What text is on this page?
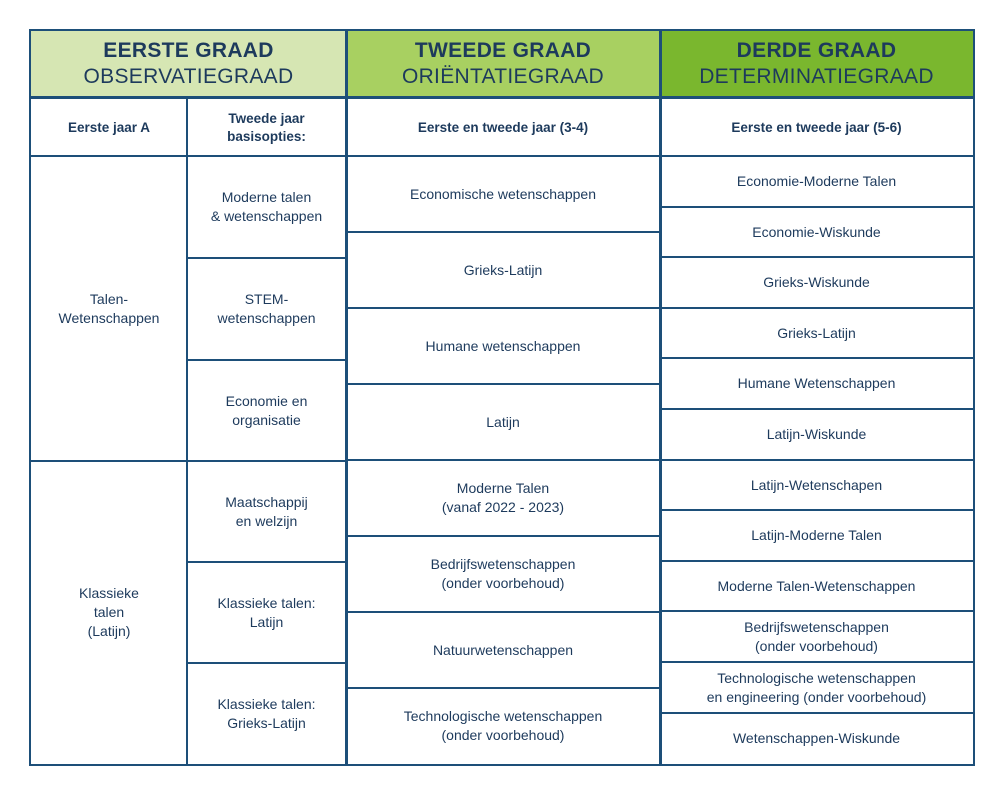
EERSTE GRAAD
OBSERVATIEGRAAD
TWEEDE GRAAD
ORIËNTATIEGRAAD
DERDE GRAAD
DETERMINATIEGRAAD
Eerste jaar A
Tweede jaar
basisopties:
Eerste en tweede jaar (3-4)	Eerste en tweede jaar (5-6)
Talen-
Wetenschappen
Klassieke
talen
(Latijn)
Moderne talen
& wetenschappen
STEM-
wetenschappen
Economie en
organisatie
Maatschappij
en welzijn
Klassieke talen:
Latijn
Klassieke talen:
Grieks-Latijn
Economische wetenschappen
Grieks-Latijn
Humane wetenschappen
Latijn
Moderne Talen
(vanaf 2022 - 2023)
Bedrijfswetenschappen
(onder voorbehoud)
Natuurwetenschappen
Technologische wetenschappen
(onder voorbehoud)
Economie-Moderne Talen
Economie-Wiskunde
Grieks-Wiskunde
Grieks-Latijn
Humane Wetenschappen
Latijn-Wiskunde
Latijn-Wetenschapen
Latijn-Moderne Talen
Moderne Talen-Wetenschappen
Bedrijfswetenschappen
(onder voorbehoud)
Technologische wetenschappen
en engineering (onder voorbehoud)
Wetenschappen-Wiskunde
